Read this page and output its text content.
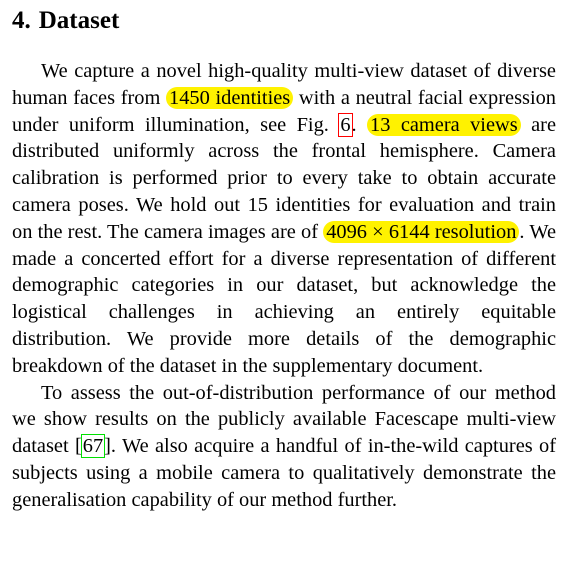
4. Dataset

We capture a novel high-quality multi-view dataset of diverse human faces from 1450 identities with a neutral facial expression under uniform illumination, see Fig. 6. 13 camera views are distributed uniformly across the frontal hemisphere. Camera calibration is performed prior to every take to obtain accurate camera poses. We hold out 15 identities for evaluation and train on the rest. The camera images are of 4096 × 6144 resolution . We made a concerted effort for a diverse representation of different demographic categories in our dataset, but acknowledge the logistical challenges in achieving an entirely equitable distribution. We provide more details of the demographic breakdown of the dataset in the supplementary document.

To assess the out-of-distribution performance of our method we show results on the publicly available Facescape multi-view dataset [67]. We also acquire a handful of in-the-wild captures of subjects using a mobile camera to qualitatively demonstrate the generalisation capability of our method further.
